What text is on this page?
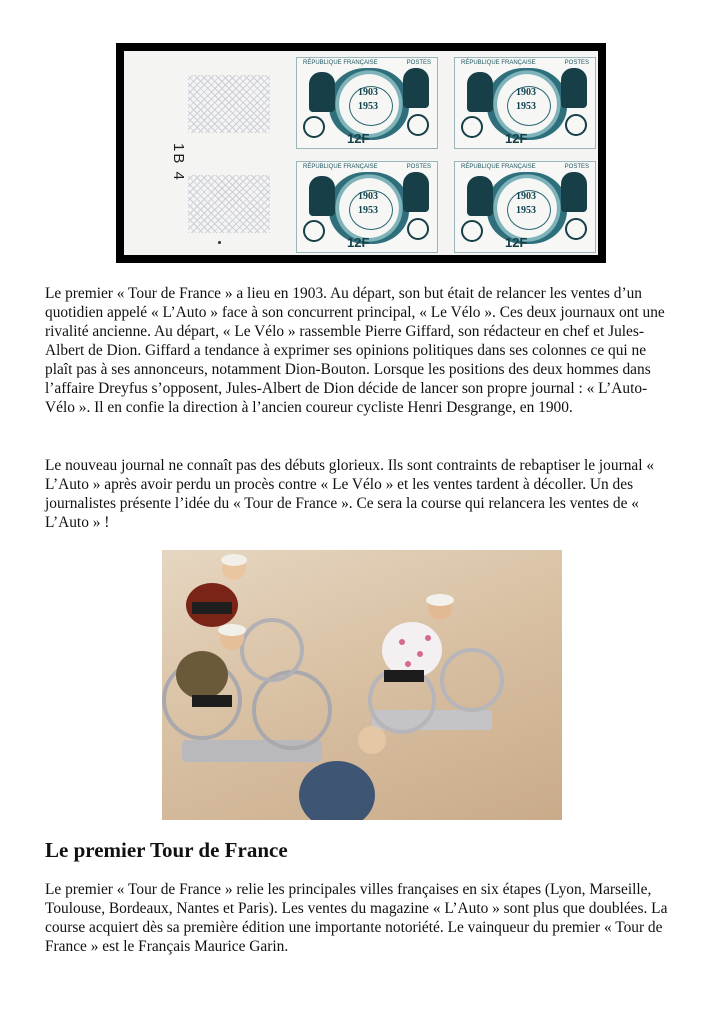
1B 4
RÉPUBLIQUE FRANÇAISE	POSTES
1903
1953
12F
RÉPUBLIQUE FRANÇAISE	POSTES
1903
1953
12F
RÉPUBLIQUE FRANÇAISE	POSTES
1903
1953
12F
RÉPUBLIQUE FRANÇAISE	POSTES
1903
1953
12F

Le premier « Tour de France » a lieu en 1903. Au départ, son but était de relancer les ventes d’un quotidien appelé « L’Auto » face à son concurrent principal, « Le Vélo ». Ces deux journaux ont une rivalité ancienne. Au départ, « Le Vélo » rassemble Pierre Giffard, son rédacteur en chef et Jules-Albert de Dion. Giffard a tendance à exprimer ses opinions politiques dans ses colonnes ce qui ne plaît pas à ses annonceurs, notamment Dion-Bouton. Lorsque les positions des deux hommes dans l’affaire Dreyfus s’opposent, Jules-Albert de Dion décide de lancer son propre journal : « L’Auto-Vélo ». Il en confie la direction à l’ancien coureur cycliste Henri Desgrange, en 1900.

Le nouveau journal ne connaît pas des débuts glorieux. Ils sont contraints de rebaptiser le journal « L’Auto » après avoir perdu un procès contre « Le Vélo » et les ventes tardent à décoller. Un des journalistes présente l’idée du « Tour de France ». Ce sera la course qui relancera les ventes de « L’Auto » !

Le premier Tour de France

Le premier « Tour de France » relie les principales villes françaises en six étapes (Lyon, Marseille, Toulouse, Bordeaux, Nantes et Paris). Les ventes du magazine « L’Auto » sont plus que doublées. La course acquiert dès sa première édition une importante notoriété. Le vainqueur du premier « Tour de France » est le Français Maurice Garin.
